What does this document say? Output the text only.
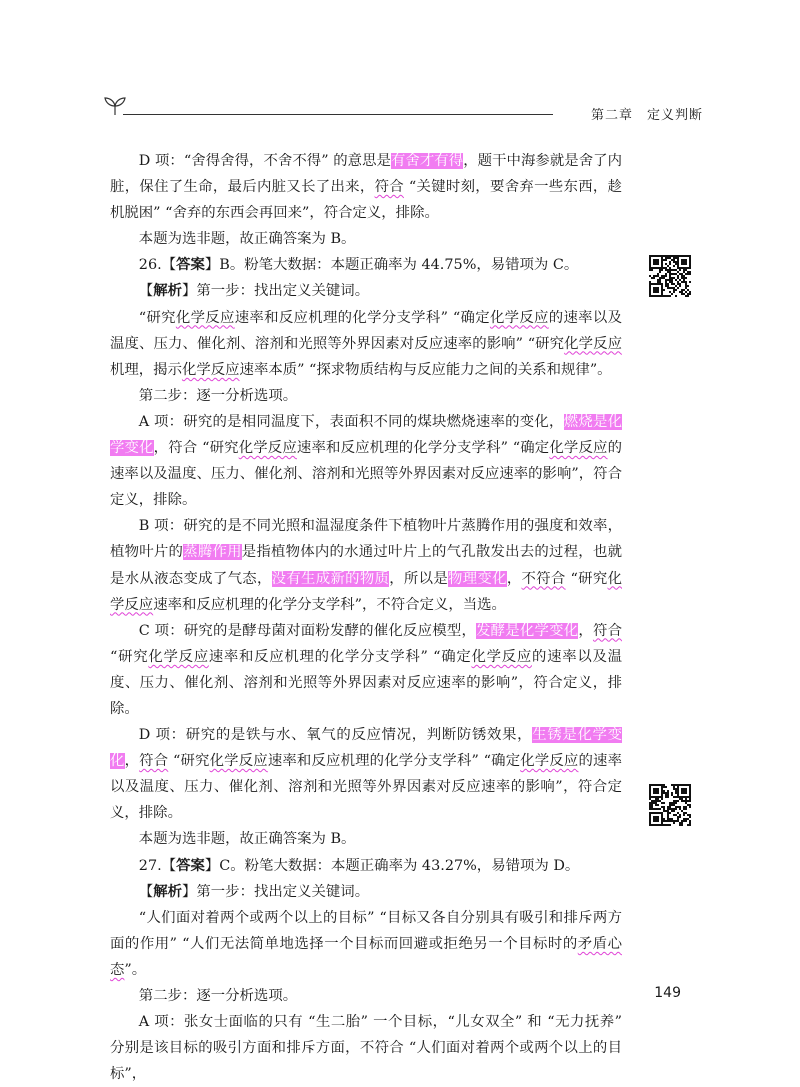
第二章　定义判断

D 项：“舍得舍得，不舍不得” 的意思是有舍才有得，题干中海参就是舍了内脏，保住了生命，最后内脏又长了出来，符合 “关键时刻，要舍弃一些东西，趁机脱困” “舍弃的东西会再回来”，符合定义，排除。

本题为选非题，故正确答案为 B。

26.【答案】B。粉笔大数据：本题正确率为 44.75%，易错项为 C。

【解析】第一步：找出定义关键词。

“研究化学反应速率和反应机理的化学分支学科” “确定化学反应的速率以及温度、压力、催化剂、溶剂和光照等外界因素对反应速率的影响” “研究化学反应机理，揭示化学反应速率本质” “探求物质结构与反应能力之间的关系和规律”。

第二步：逐一分析选项。

A 项：研究的是相同温度下，表面积不同的煤块燃烧速率的变化，燃烧是化学变化，符合 “研究化学反应速率和反应机理的化学分支学科” “确定化学反应的速率以及温度、压力、催化剂、溶剂和光照等外界因素对反应速率的影响”，符合定义，排除。

B 项：研究的是不同光照和温湿度条件下植物叶片蒸腾作用的强度和效率，植物叶片的蒸腾作用是指植物体内的水通过叶片上的气孔散发出去的过程，也就是水从液态变成了气态，没有生成新的物质，所以是物理变化，不符合 “研究化学反应速率和反应机理的化学分支学科”，不符合定义，当选。

C 项：研究的是酵母菌对面粉发酵的催化反应模型，发酵是化学变化，符合 “研究化学反应速率和反应机理的化学分支学科” “确定化学反应的速率以及温度、压力、催化剂、溶剂和光照等外界因素对反应速率的影响”，符合定义，排除。

D 项：研究的是铁与水、氧气的反应情况，判断防锈效果，生锈是化学变化，符合 “研究化学反应速率和反应机理的化学分支学科” “确定化学反应的速率以及温度、压力、催化剂、溶剂和光照等外界因素对反应速率的影响”，符合定义，排除。

本题为选非题，故正确答案为 B。

27.【答案】C。粉笔大数据：本题正确率为 43.27%，易错项为 D。

【解析】第一步：找出定义关键词。

“人们面对着两个或两个以上的目标” “目标又各自分别具有吸引和排斥两方面的作用” “人们无法简单地选择一个目标而回避或拒绝另一个目标时的矛盾心态”。

第二步：逐一分析选项。

A 项：张女士面临的只有 “生二胎” 一个目标，“儿女双全” 和 “无力抚养” 分别是该目标的吸引方面和排斥方面，不符合 “人们面对着两个或两个以上的目标”，

149
